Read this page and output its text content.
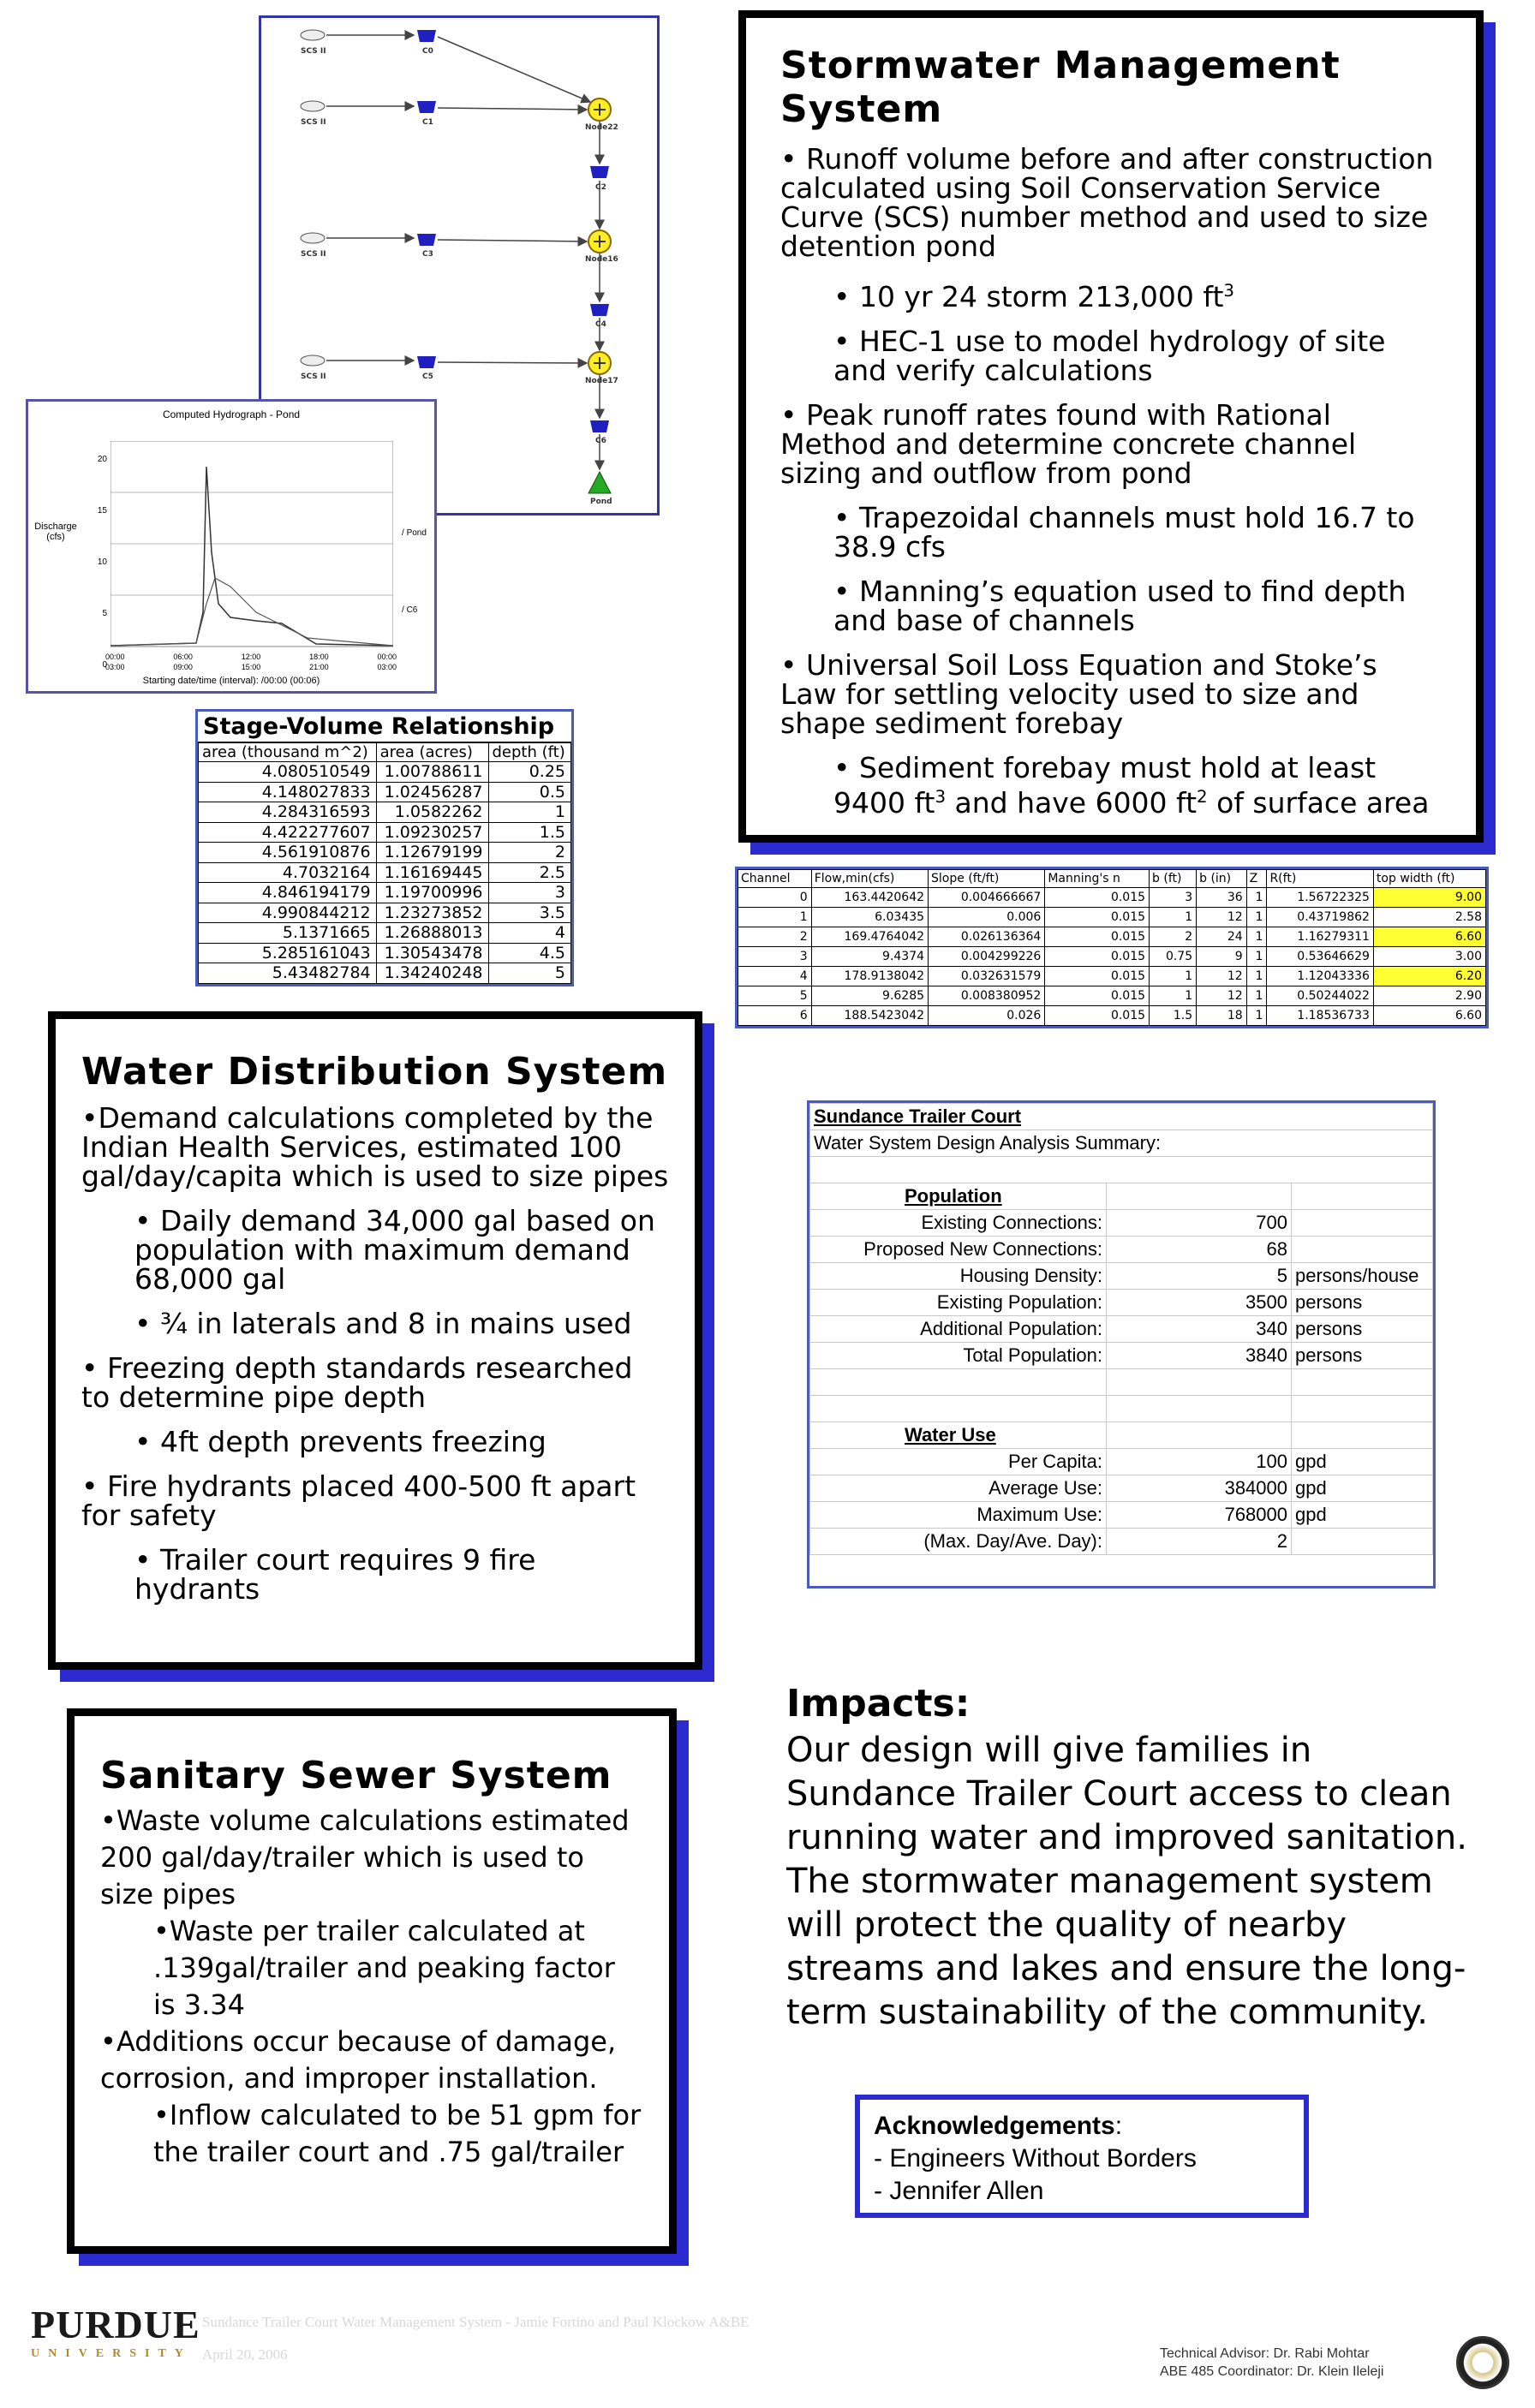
SCS II
SCS II
SCS II
SCS II
C0
C1
C2
C3
C4
C5
C6
Node22
Node16
Node17
Pond
Computed Hydrograph - Pond
Discharge (cfs)
20
15
10
5
0
/ Pond
/ C6
00:00	06:00	12:00	18:00	00:00
03:00	09:00	15:00	21:00	03:00
Starting date/time (interval): /00:00 (00:06)
Stage-Volume Relationship
area (thousand m^2)	area (acres)	depth (ft)
4.080510549	1.00788611	0.25
4.148027833	1.02456287	0.5
4.284316593	1.0582262	1
4.422277607	1.09230257	1.5
4.561910876	1.12679199	2
4.7032164	1.16169445	2.5
4.846194179	1.19700996	3
4.990844212	1.23273852	3.5
5.1371665	1.26888013	4
5.285161043	1.30543478	4.5
5.43482784	1.34240248	5
Stormwater Management System

• Runoff volume before and after construction calculated using Soil Conservation Service Curve (SCS) number method and used to size detention pond

• 10 yr 24 storm 213,000 $ft^3$

• HEC-1 use to model hydrology of site and verify calculations

• Peak runoff rates found with Rational Method and determine concrete channel sizing and outflow from pond

• Trapezoidal channels must hold 16.7 to 38.9 cfs

• Manning’s equation used to find depth and base of channels

• Universal Soil Loss Equation and Stoke’s Law for settling velocity used to size and shape sediment forebay

• Sediment forebay must hold at least 9400 $ft^3$ and have 6000 $ft^2$ of surface area

Channel	Flow,min(cfs)	Slope (ft/ft)	Manning's n	b (ft)	b (in)	Z	R(ft)	top width (ft)
0	163.4420642	0.004666667	0.015	3	36	1	1.56722325	9.00
1	6.03435	0.006	0.015	1	12	1	0.43719862	2.58
2	169.4764042	0.026136364	0.015	2	24	1	1.16279311	6.60
3	9.4374	0.004299226	0.015	0.75	9	1	0.53646629	3.00
4	178.9138042	0.032631579	0.015	1	12	1	1.12043336	6.20
5	9.6285	0.008380952	0.015	1	12	1	0.50244022	2.90
6	188.5423042	0.026	0.015	1.5	18	1	1.18536733	6.60
Water Distribution System

•Demand calculations completed by the Indian Health Services, estimated 100 gal/day/capita which is used to size pipes

• Daily demand 34,000 gal based on population with maximum demand 68,000 gal

• ¾ in laterals and 8 in mains used

• Freezing depth standards researched to determine pipe depth

• 4ft depth prevents freezing

• Fire hydrants placed 400-500 ft apart for safety

• Trailer court requires 9 fire hydrants

Sundance Trailer Court		
Water System Design Analysis Summary:		

Population		
Existing Connections:	700	
Proposed New Connections:	68	
Housing Density:	5	persons/house
Existing Population:	3500	persons
Additional Population:	340	persons
Total Population:	3840	persons

Water Use		
Per Capita:	100	gpd
Average Use:	384000	gpd
Maximum Use:	768000	gpd
(Max. Day/Ave. Day):	2	
Sanitary Sewer System

•Waste volume calculations estimated 200 gal/day/trailer which is used to size pipes

•Waste per trailer calculated at .139gal/trailer and peaking factor is 3.34

•Additions occur because of damage, corrosion, and improper installation.

•Inflow calculated to be 51 gpm for the trailer court and .75 gal/trailer

Impacts:
Our design will give families in Sundance Trailer Court access to clean running water and improved sanitation. The stormwater management system will protect the quality of nearby streams and lakes and ensure the long-term sustainability of the community.
Acknowledgements:
- Engineers Without Borders
- Jennifer Allen
PURDUE
UNIVERSITY
Sundance Trailer Court Water Management System - Jamie Fortino and Paul Klockow A&BE
April 20, 2006	Technical Advisor: Dr. Rabi Mohtar
ABE 485 Coordinator: Dr. Klein Ileleji
